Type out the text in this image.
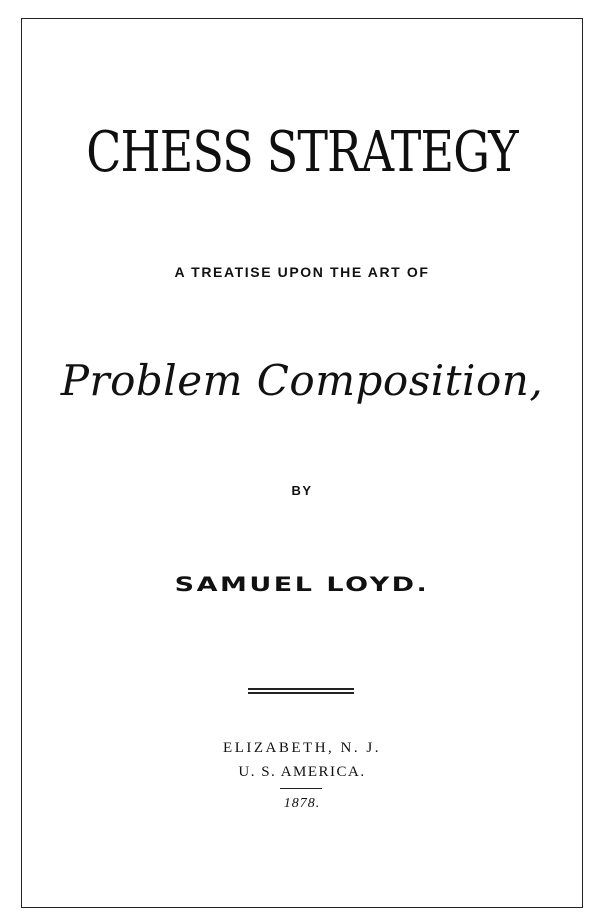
CHESS STRATEGY
A TREATISE UPON THE ART OF
Problem Composition,
BY
SAMUEL LOYD.
ELIZABETH, N. J.
U. S. AMERICA.
1878.
